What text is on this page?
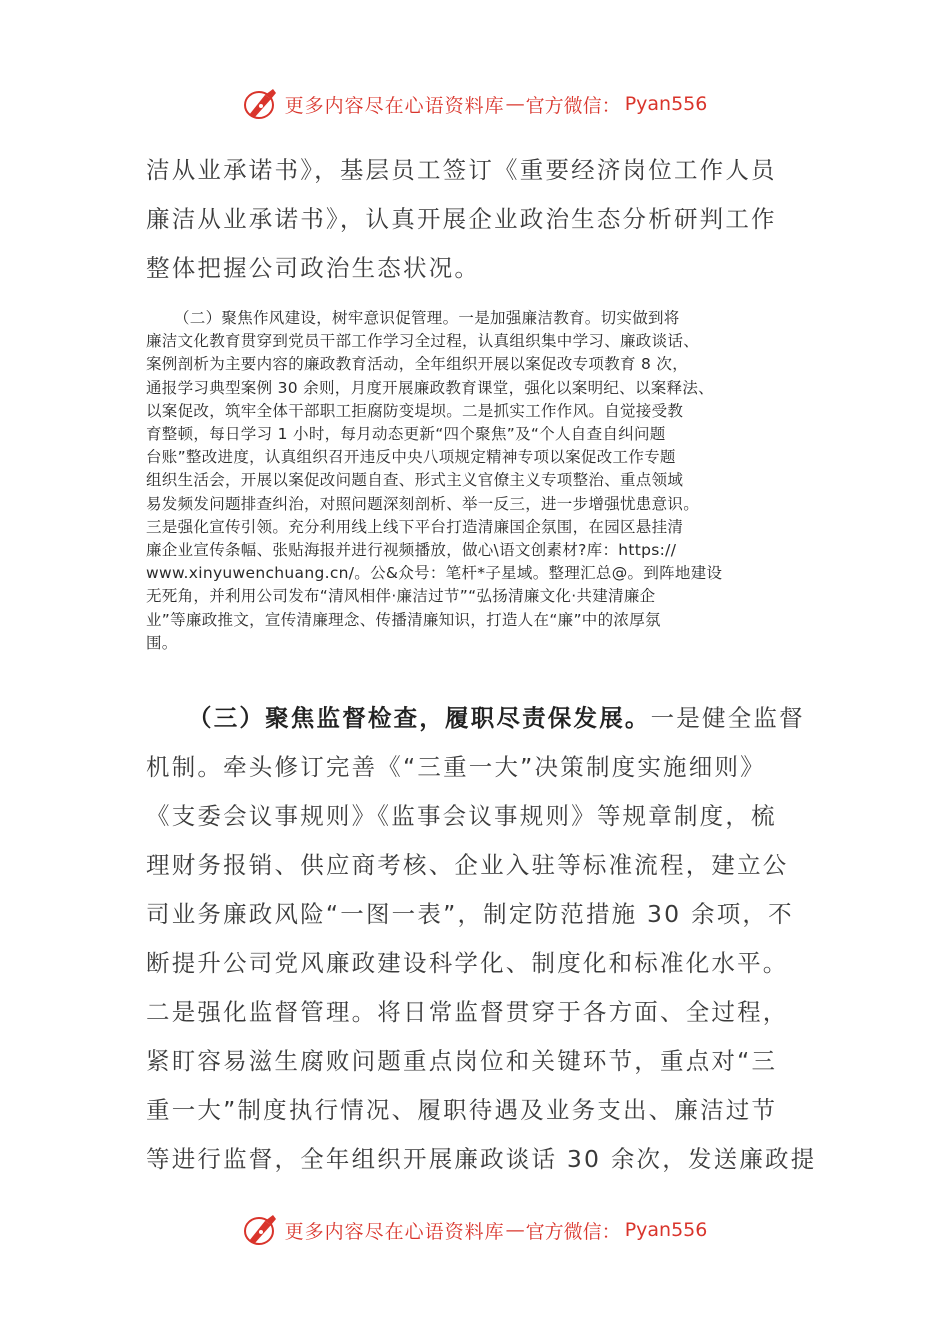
更多内容尽在心语资料库 — 官方微信： Pyan556
洁从业承诺书》，基层员工签订《重要经济岗位工作人员
廉洁从业承诺书》，认真开展企业政治生态分析研判工作
整体把握公司政治生态状况。
（二）聚焦作风建设，树牢意识促管理。一是加强廉洁教育。切实做到将
廉洁文化教育贯穿到党员干部工作学习全过程，认真组织集中学习、廉政谈话、
案例剖析为主要内容的廉政教育活动，全年组织开展以案促改专项教育 8 次，
通报学习典型案例 30 余则，月度开展廉政教育课堂，强化以案明纪、以案释法、
以案促改，筑牢全体干部职工拒腐防变堤坝。二是抓实工作作风。自觉接受教
育整顿，每日学习 1 小时，每月动态更新“四个聚焦”及“个人自查自纠问题
台账”整改进度，认真组织召开违反中央八项规定精神专项以案促改工作专题
组织生活会，开展以案促改问题自查、形式主义官僚主义专项整治、重点领域
易发频发问题排查纠治，对照问题深刻剖析、举一反三，进一步增强忧患意识。
三是强化宣传引领。充分利用线上线下平台打造清廉国企氛围，在园区悬挂清
廉企业宣传条幅、张贴海报并进行视频播放，做心\语文创素材?库：https://
www.xinyuwenchuang.cn/。公&众号：笔杆*子星域。整理汇总@。到阵地建设
无死角，并利用公司发布“清风相伴·廉洁过节”“弘扬清廉文化·共建清廉企
业”等廉政推文，宣传清廉理念、传播清廉知识，打造人在“廉”中的浓厚氛
围。
（三）聚焦监督检查，履职尽责保发展。一是健全监督
机制。牵头修订完善《“三重一大”决策制度实施细则》
《支委会议事规则》《监事会议事规则》等规章制度，梳
理财务报销、供应商考核、企业入驻等标准流程，建立公
司业务廉政风险“一图一表”，制定防范措施 30 余项，不
断提升公司党风廉政建设科学化、制度化和标准化水平。
二是强化监督管理。将日常监督贯穿于各方面、全过程，
紧盯容易滋生腐败问题重点岗位和关键环节，重点对“三
重一大”制度执行情况、履职待遇及业务支出、廉洁过节
等进行监督，全年组织开展廉政谈话 30 余次，发送廉政提
更多内容尽在心语资料库 — 官方微信： Pyan556
